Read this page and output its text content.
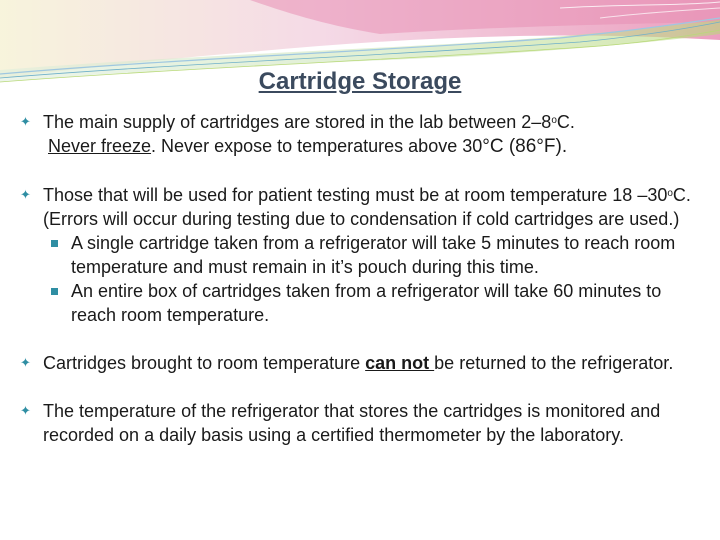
Cartridge Storage
✦ The main supply of cartridges are stored in the lab between 2–8$^o$C.
Never freeze. Never expose to temperatures above 30°C (86°F).
✦ Those that will be used for patient testing must be at room temperature 18 –30$^o$C. (Errors will occur during testing due to condensation if cold cartridges are used.)
A single cartridge taken from a refrigerator will take 5 minutes to reach room temperature and must remain in it’s pouch during this time.
An entire box of cartridges taken from a refrigerator will take 60 minutes to reach room temperature.
✦ Cartridges brought to room temperature can not be returned to the refrigerator.
✦ The temperature of the refrigerator that stores the cartridges is monitored and recorded on a daily basis using a certified thermometer by the laboratory.
